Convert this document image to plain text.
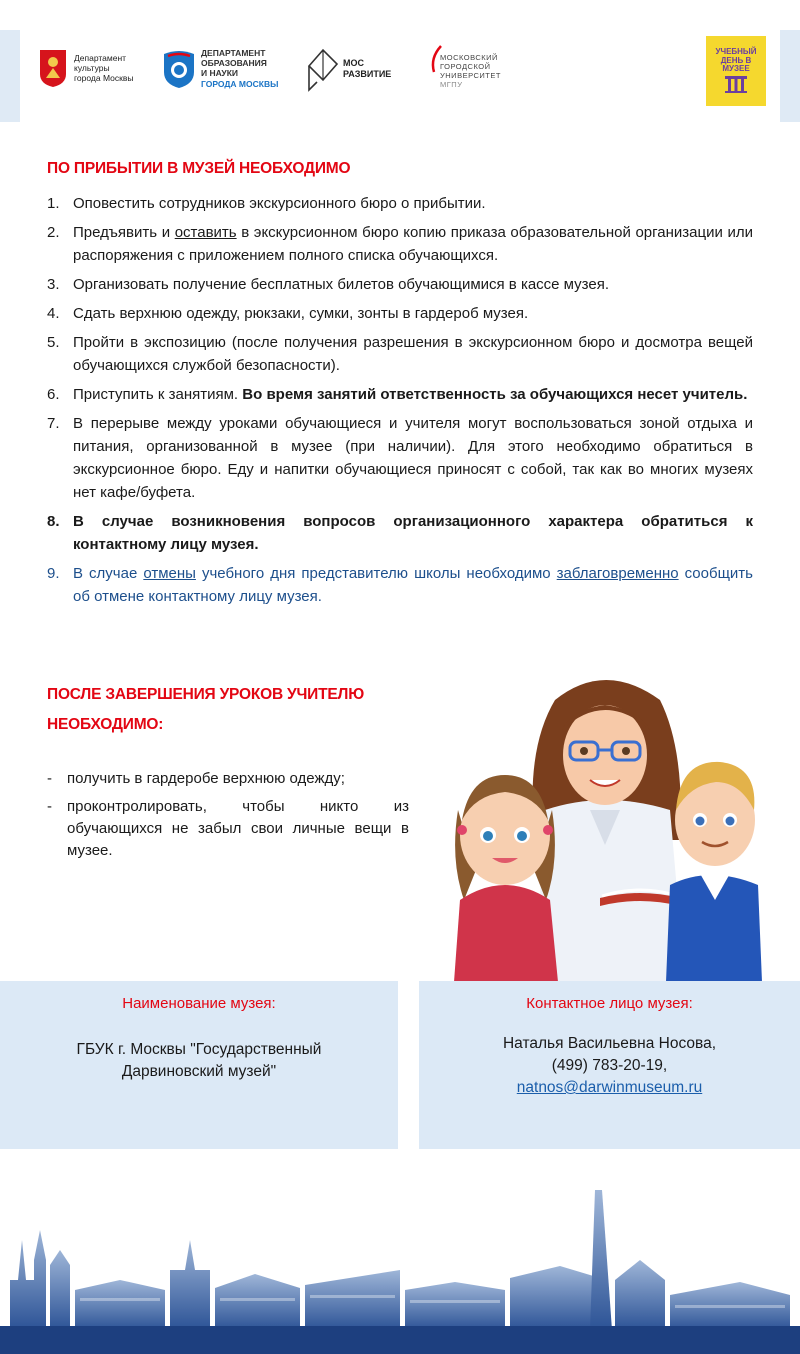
Департамент
культуры
города Москвы
ДЕПАРТАМЕНТ
ОБРАЗОВАНИЯ
И НАУКИ
ГОРОДА МОСКВЫ
МОС
РАЗВИТИЕ
МОСКОВСКИЙ
ГОРОДСКОЙ
УНИВЕРСИТЕТ
МГПУ
УЧЕБНЫЙ
ДЕНЬ В
МУЗЕЕ
ПО ПРИБЫТИИ В МУЗЕЙ НЕОБХОДИМО
1. Оповестить сотрудников экскурсионного бюро о прибытии.
2. Предъявить и оставить в экскурсионном бюро копию приказа образовательной организации или распоряжения с приложением полного списка обучающихся.
3. Организовать получение бесплатных билетов обучающимися в кассе музея.
4. Сдать верхнюю одежду, рюкзаки, сумки, зонты в гардероб музея.
5. Пройти в экспозицию (после получения разрешения в экскурсионном бюро и досмотра вещей обучающихся службой безопасности).
6. Приступить к занятиям. Во время занятий ответственность за обучающихся несет учитель.
7. В перерыве между уроками обучающиеся и учителя могут воспользоваться зоной отдыха и питания, организованной в музее (при наличии). Для этого необходимо обратиться в экскурсионное бюро. Еду и напитки обучающиеся приносят с собой, так как во многих музеях нет кафе/буфета.
8. В случае возникновения вопросов организационного характера обратиться к контактному лицу музея.
9. В случае отмены учебного дня представителю школы необходимо заблаговременно сообщить об отмене контактному лицу музея.
ПОСЛЕ ЗАВЕРШЕНИЯ УРОКОВ УЧИТЕЛЮ
НЕОБХОДИМО:
- получить в гардеробе верхнюю одежду;
- проконтролировать, чтобы никто из обучающихся не забыл свои личные вещи в музее.
Наименование музея:
ГБУК г. Москвы "Государственный
Дарвиновский музей"
Контактное лицо музея:
Наталья Васильевна Носова,
(499) 783-20-19,
natnos@darwinmuseum.ru
